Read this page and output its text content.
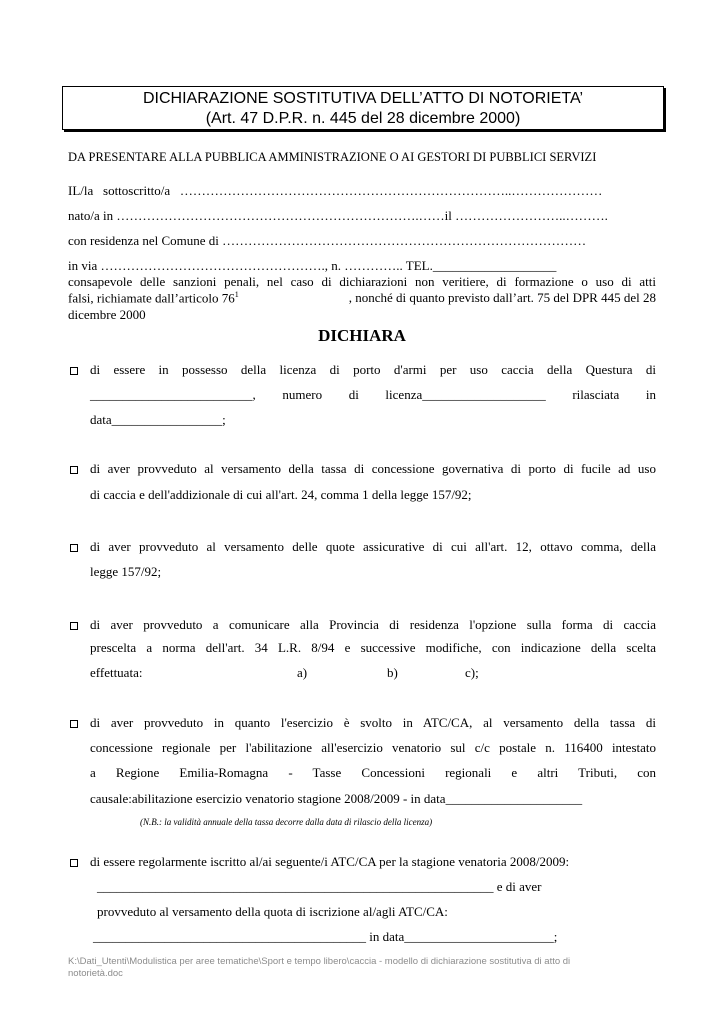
DICHIARAZIONE SOSTITUTIVA DELL’ATTO DI NOTORIETA’
(Art. 47 D.P.R. n. 445 del 28 dicembre 2000)
DA PRESENTARE ALLA PUBBLICA AMMINISTRAZIONE O AI GESTORI DI PUBBLICI SERVIZI
IL/la   sottoscritto/a   …………………………………………………………………..…………………
nato/a in …………………………………………………………….……il ……………………..……….
con residenza nel Comune di …………………………………………………………………………
in via ……………………………………………., n. ………….. TEL.___________________
consapevole delle sanzioni penali, nel caso di dichiarazioni non veritiere, di formazione o uso di atti
falsi, richiamate dall’articolo $76^1$	, nonché di quanto previsto dall’art. 75 del DPR 445 del 28
dicembre 2000
DICHIARA
di essere in possesso della licenza di porto d'armi per uso caccia della Questura di
_________________________, numero di licenza___________________ rilasciata in
data_________________;
di aver provveduto al versamento della tassa di concessione governativa di porto di fucile ad uso
di caccia e dell'addizionale di cui all'art. 24, comma 1 della legge 157/92;
di aver provveduto al versamento delle quote assicurative di cui all'art. 12, ottavo comma, della
legge 157/92;
di aver provveduto a comunicare alla Provincia di residenza l'opzione sulla forma di caccia
prescelta a norma dell'art. 34 L.R. 8/94 e successive modifiche, con indicazione della scelta
effettuata:	a)	b)	c);
di aver provveduto in quanto l'esercizio è svolto in ATC/CA, al versamento della tassa di
concessione regionale per l'abilitazione all'esercizio venatorio sul c/c postale n. 116400 intestato
a Regione Emilia-Romagna - Tasse Concessioni regionali e altri Tributi, con
causale:abilitazione esercizio venatorio stagione 2008/2009 - in data_____________________
(N.B.: la validità annuale della tassa decorre dalla data di rilascio della licenza)
di essere regolarmente iscritto al/ai seguente/i ATC/CA per la stagione venatoria 2008/2009:
_____________________________________________________________ e di aver
provveduto al versamento della quota di iscrizione al/agli ATC/CA:
__________________________________________ in data_______________________;
K:\Dati_Utenti\Modulistica per aree tematiche\Sport e tempo libero\caccia - modello di dichiarazione sostitutiva di atto di
notorietà.doc
